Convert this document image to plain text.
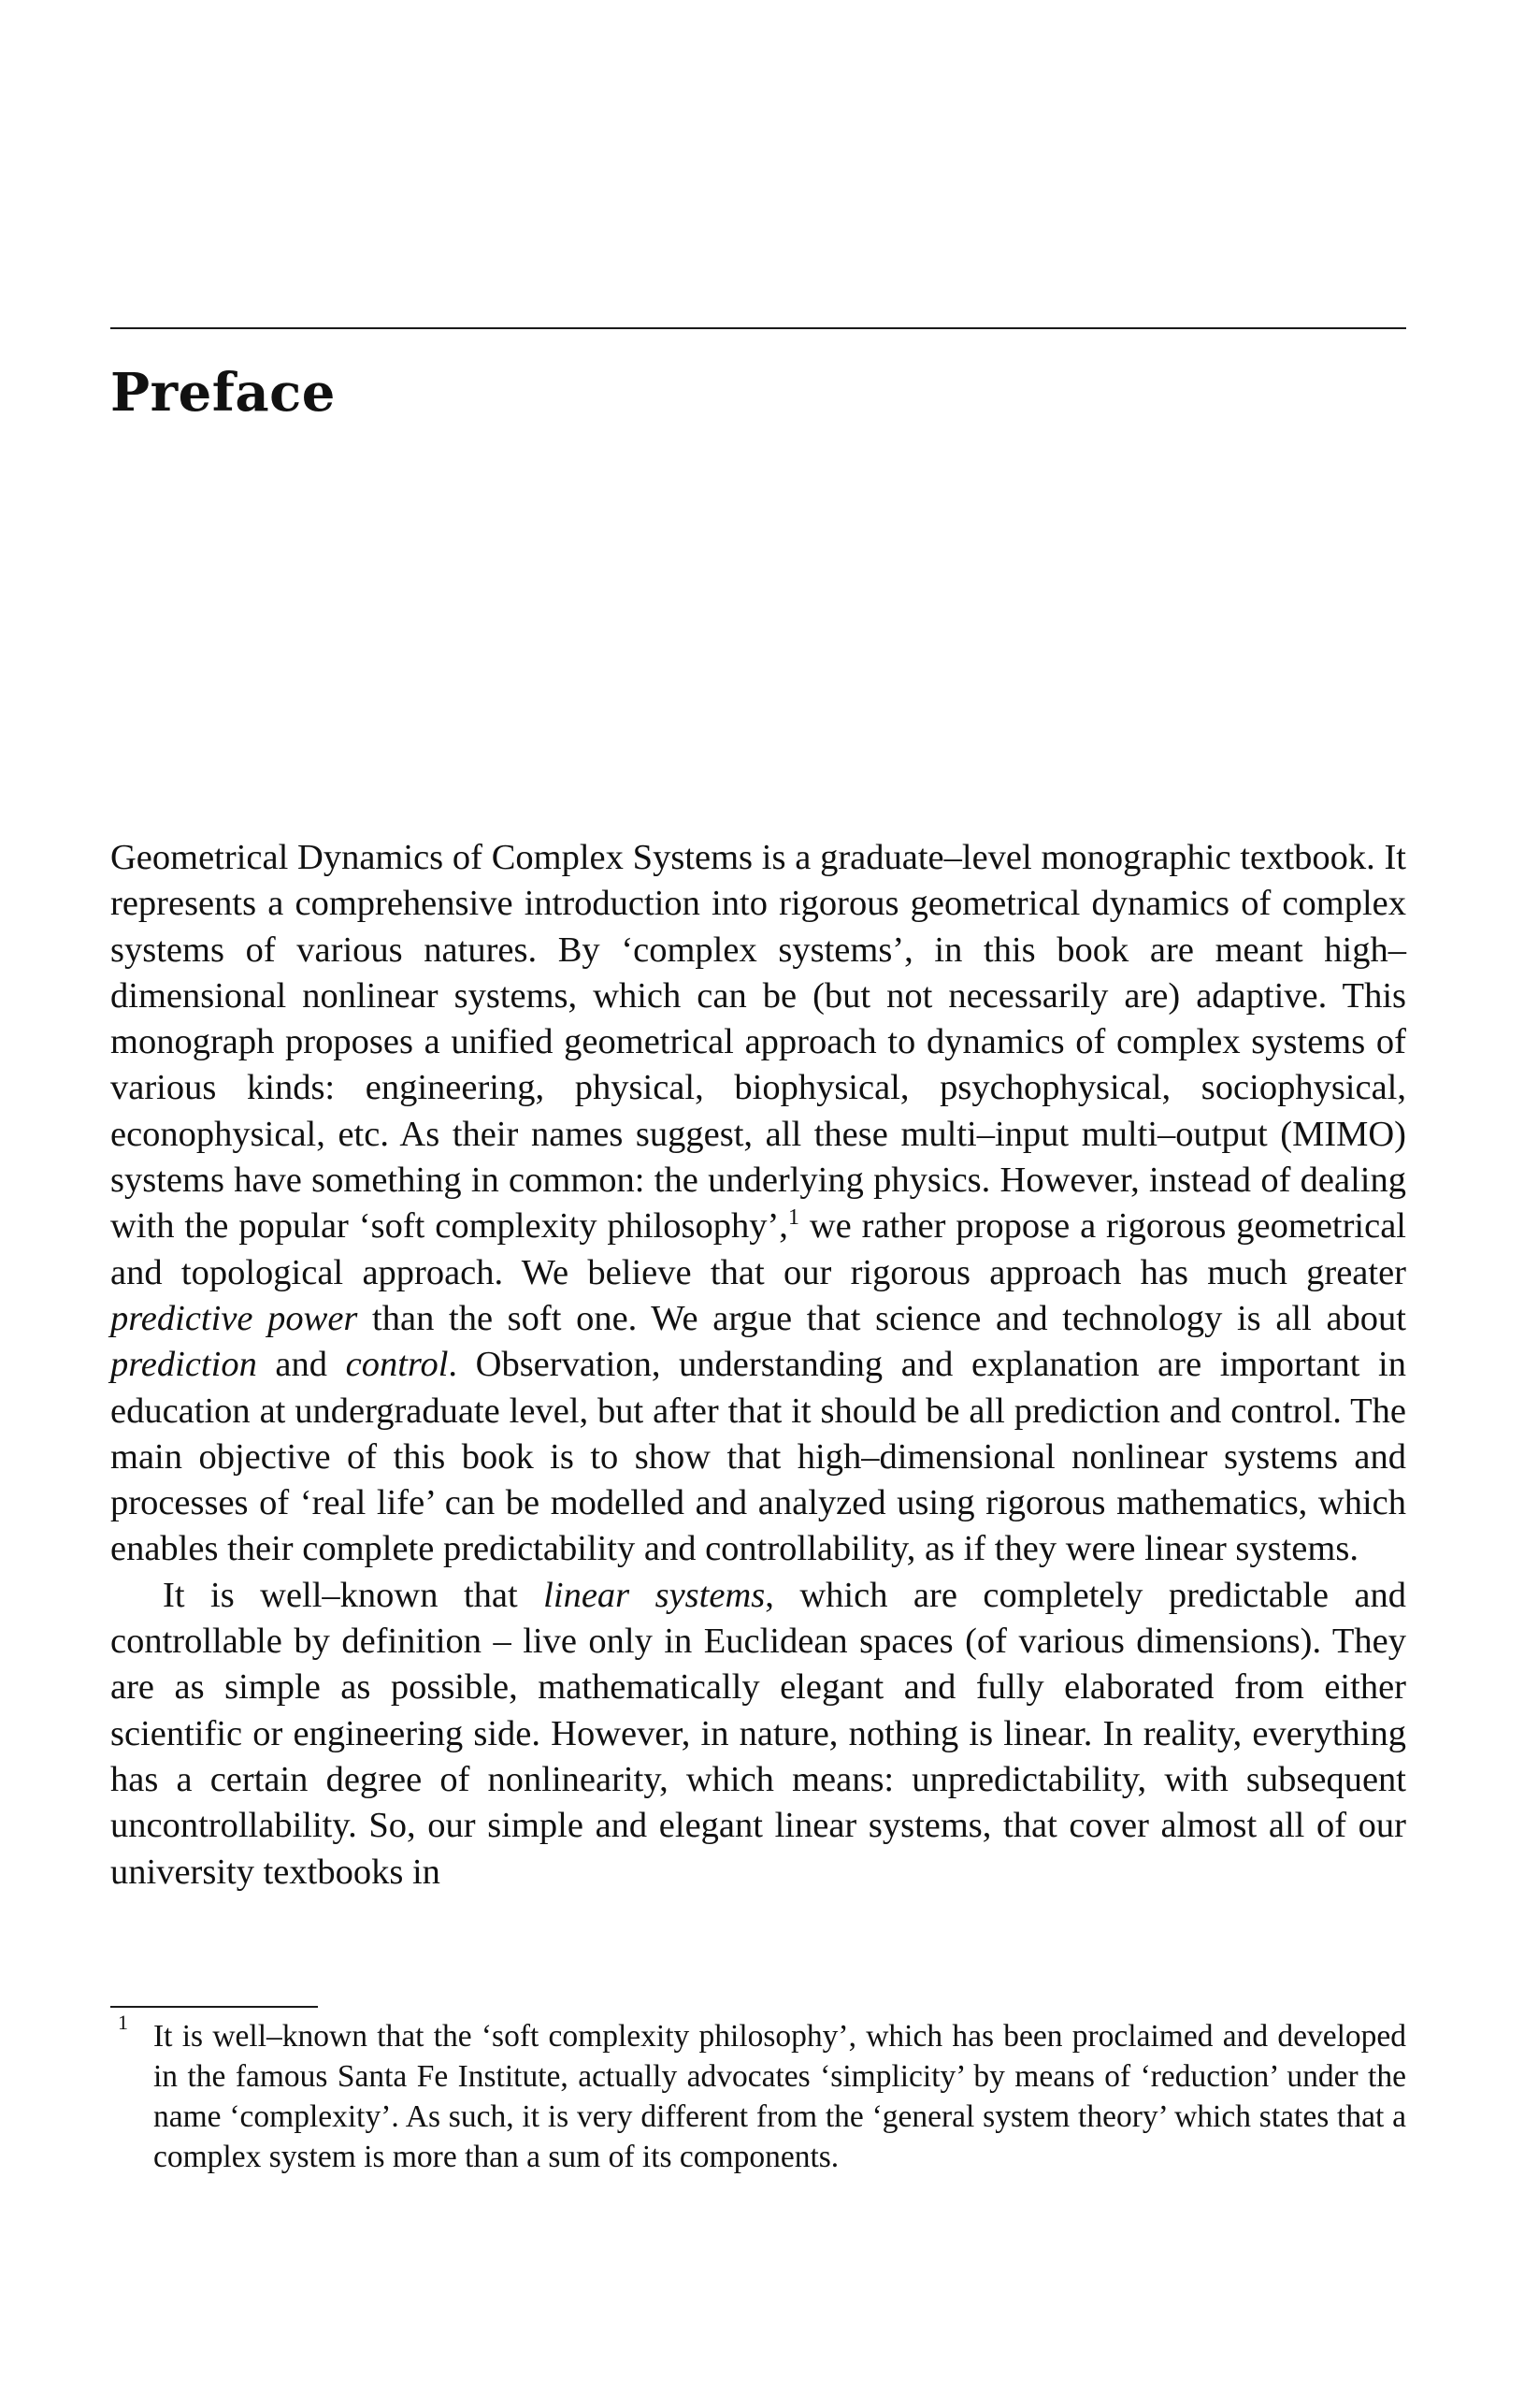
Preface

Geometrical Dynamics of Complex Systems is a graduate–level monographic textbook. It represents a comprehensive introduction into rigorous geometrical dynamics of complex systems of various natures. By ‘complex systems’, in this book are meant high–dimensional nonlinear systems, which can be (but not necessarily are) adaptive. This monograph proposes a unified geometrical approach to dynamics of complex systems of various kinds: engineering, physical, biophysical, psychophysical, sociophysical, econophysical, etc. As their names suggest, all these multi–input multi–output (MIMO) systems have something in common: the underlying physics. However, instead of dealing with the popular ‘soft complexity philosophy’,$^1$ we rather propose a rigorous geometrical and topological approach. We believe that our rigorous approach has much greater predictive power than the soft one. We argue that science and technology is all about prediction and control. Observation, understanding and explanation are important in education at undergraduate level, but after that it should be all prediction and control. The main objective of this book is to show that high–dimensional nonlinear systems and processes of ‘real life’ can be modelled and analyzed using rigorous mathematics, which enables their complete predictability and controllability, as if they were linear systems.

It is well–known that linear systems, which are completely predictable and controllable by definition – live only in Euclidean spaces (of various dimensions). They are as simple as possible, mathematically elegant and fully elaborated from either scientific or engineering side. However, in nature, nothing is linear. In reality, everything has a certain degree of nonlinearity, which means: unpredictability, with subsequent uncontrollability. So, our simple and elegant linear systems, that cover almost all of our university textbooks in

1 It is well–known that the ‘soft complexity philosophy’, which has been proclaimed and developed in the famous Santa Fe Institute, actually advocates ‘simplicity’ by means of ‘reduction’ under the name ‘complexity’. As such, it is very different from the ‘general system theory’ which states that a complex system is more than a sum of its components.
